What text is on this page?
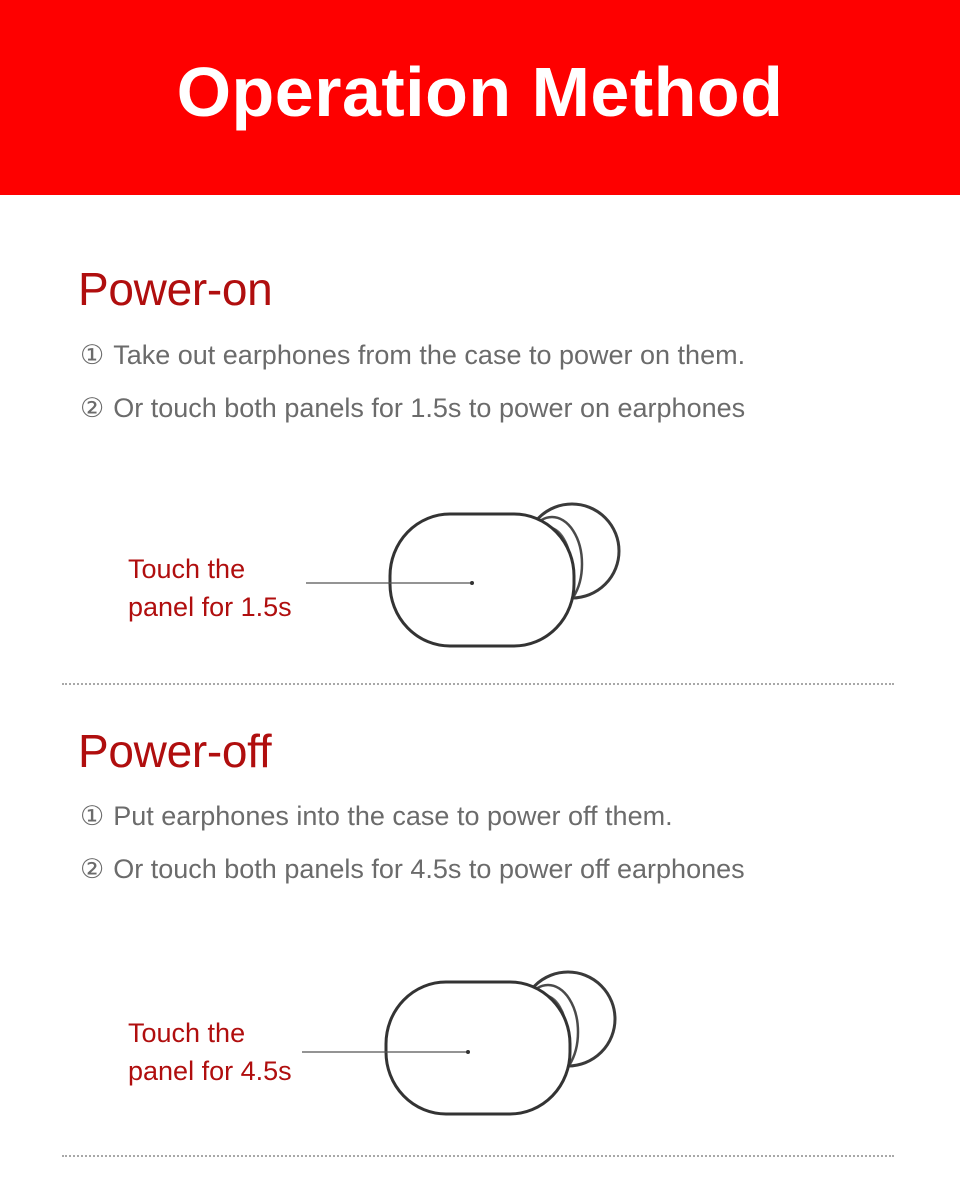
Operation Method
Power-on
① Take out earphones from the case to power on them.
② Or touch both panels for 1.5s to power on earphones
Touch the
panel for 1.5s
Power-off
① Put earphones into the case to power off them.
② Or touch both panels for 4.5s to power off earphones
Touch the
panel for 4.5s
